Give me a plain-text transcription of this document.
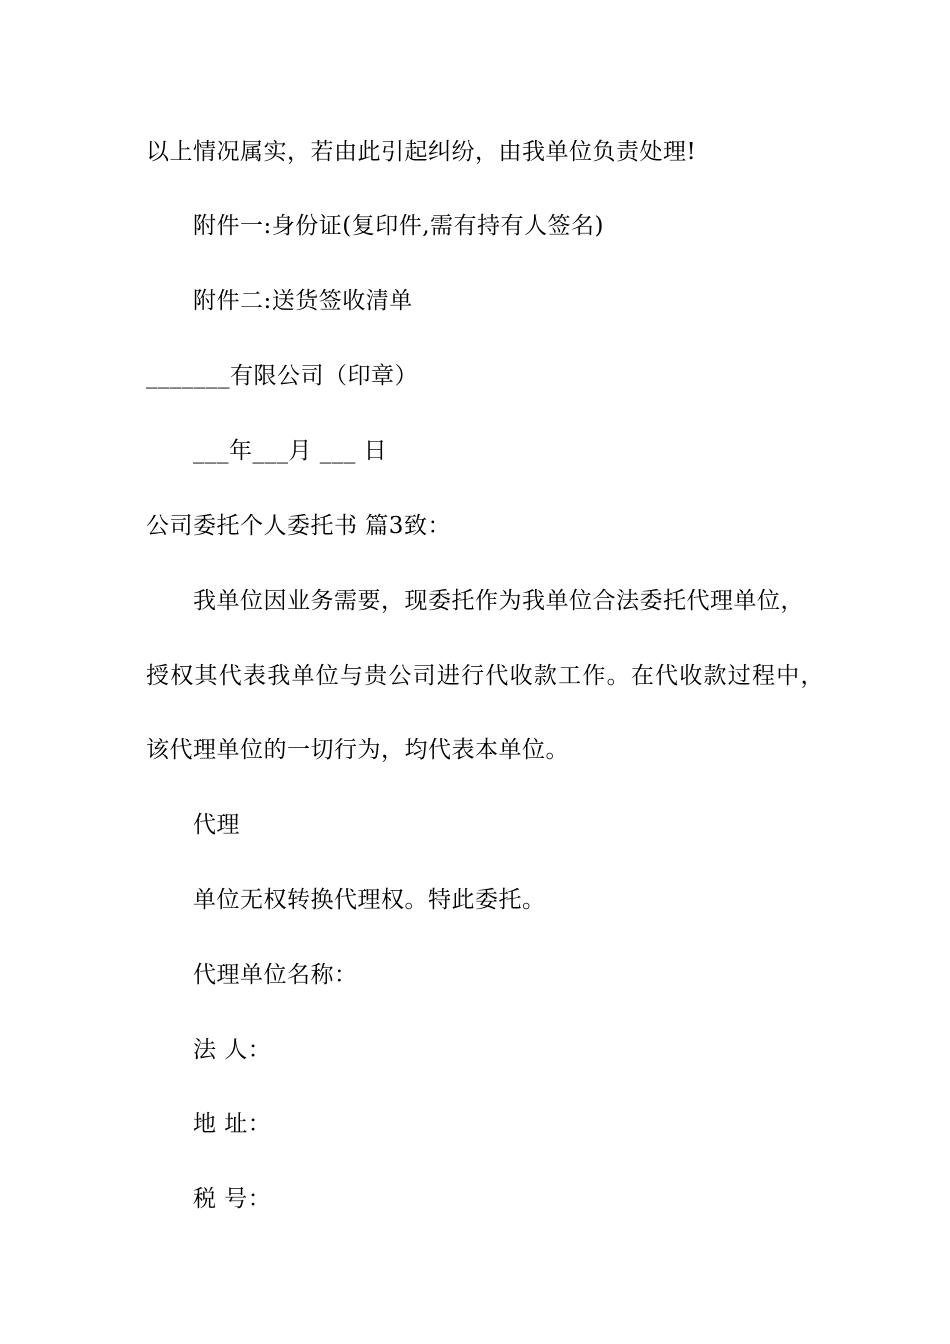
以上情况属实，若由此引起纠纷，由我单位负责处理!
附件一:身份证(复印件,需有持有人签名)
附件二:送货签收清单
_______有限公司（印章）
___年___月 ___ 日
公司委托个人委托书 篇3致：
我单位因业务需要，现委托作为我单位合法委托代理单位，
授权其代表我单位与贵公司进行代收款工作。在代收款过程中，
该代理单位的一切行为，均代表本单位。
代理
单位无权转换代理权。特此委托。
代理单位名称：
法 人：
地 址：
税 号：
